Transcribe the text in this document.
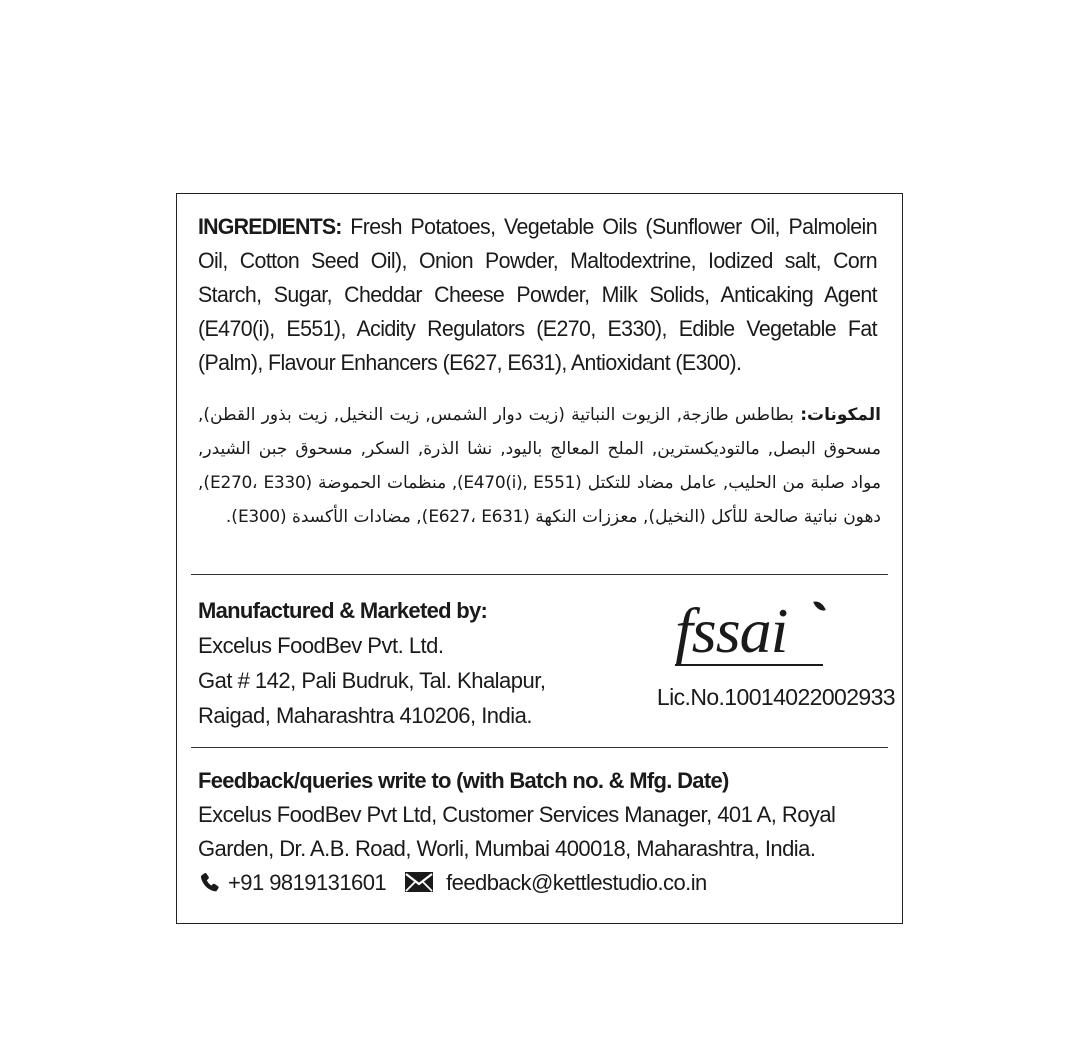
INGREDIENTS: Fresh Potatoes, Vegetable Oils (Sunflower Oil, Palmolein Oil, Cotton Seed Oil), Onion Powder, Maltodextrine, Iodized salt, Corn Starch, Sugar, Cheddar Cheese Powder, Milk Solids, Anticaking Agent (E470(i), E551), Acidity Regulators (E270, E330), Edible Vegetable Fat (Palm), Flavour Enhancers (E627, E631), Antioxidant (E300).
المكونات: بطاطس طازجة, الزيوت النباتية (زيت دوار الشمس, زيت النخيل, زيت بذور القطن), مسحوق البصل, مالتوديكسترين, الملح المعالج باليود, نشا الذرة, السكر, مسحوق جبن الشيدر, مواد صلبة من الحليب, عامل مضاد للتكتل (E470(i), E551), منظمات الحموضة (E270، E330), دهون نباتية صالحة للأكل (النخيل), معززات النكهة (E627، E631), مضادات الأكسدة (E300).
Manufactured & Marketed by:
Excelus FoodBev Pvt. Ltd.
Gat # 142, Pali Budruk, Tal. Khalapur,
Raigad, Maharashtra 410206, India.
fssai
Lic.No.10014022002933
Feedback/queries write to (with Batch no. & Mfg. Date)
Excelus FoodBev Pvt Ltd, Customer Services Manager, 401 A, Royal
Garden, Dr. A.B. Road, Worli, Mumbai 400018, Maharashtra, India.
+91 9819131601	feedback@kettlestudio.co.in
